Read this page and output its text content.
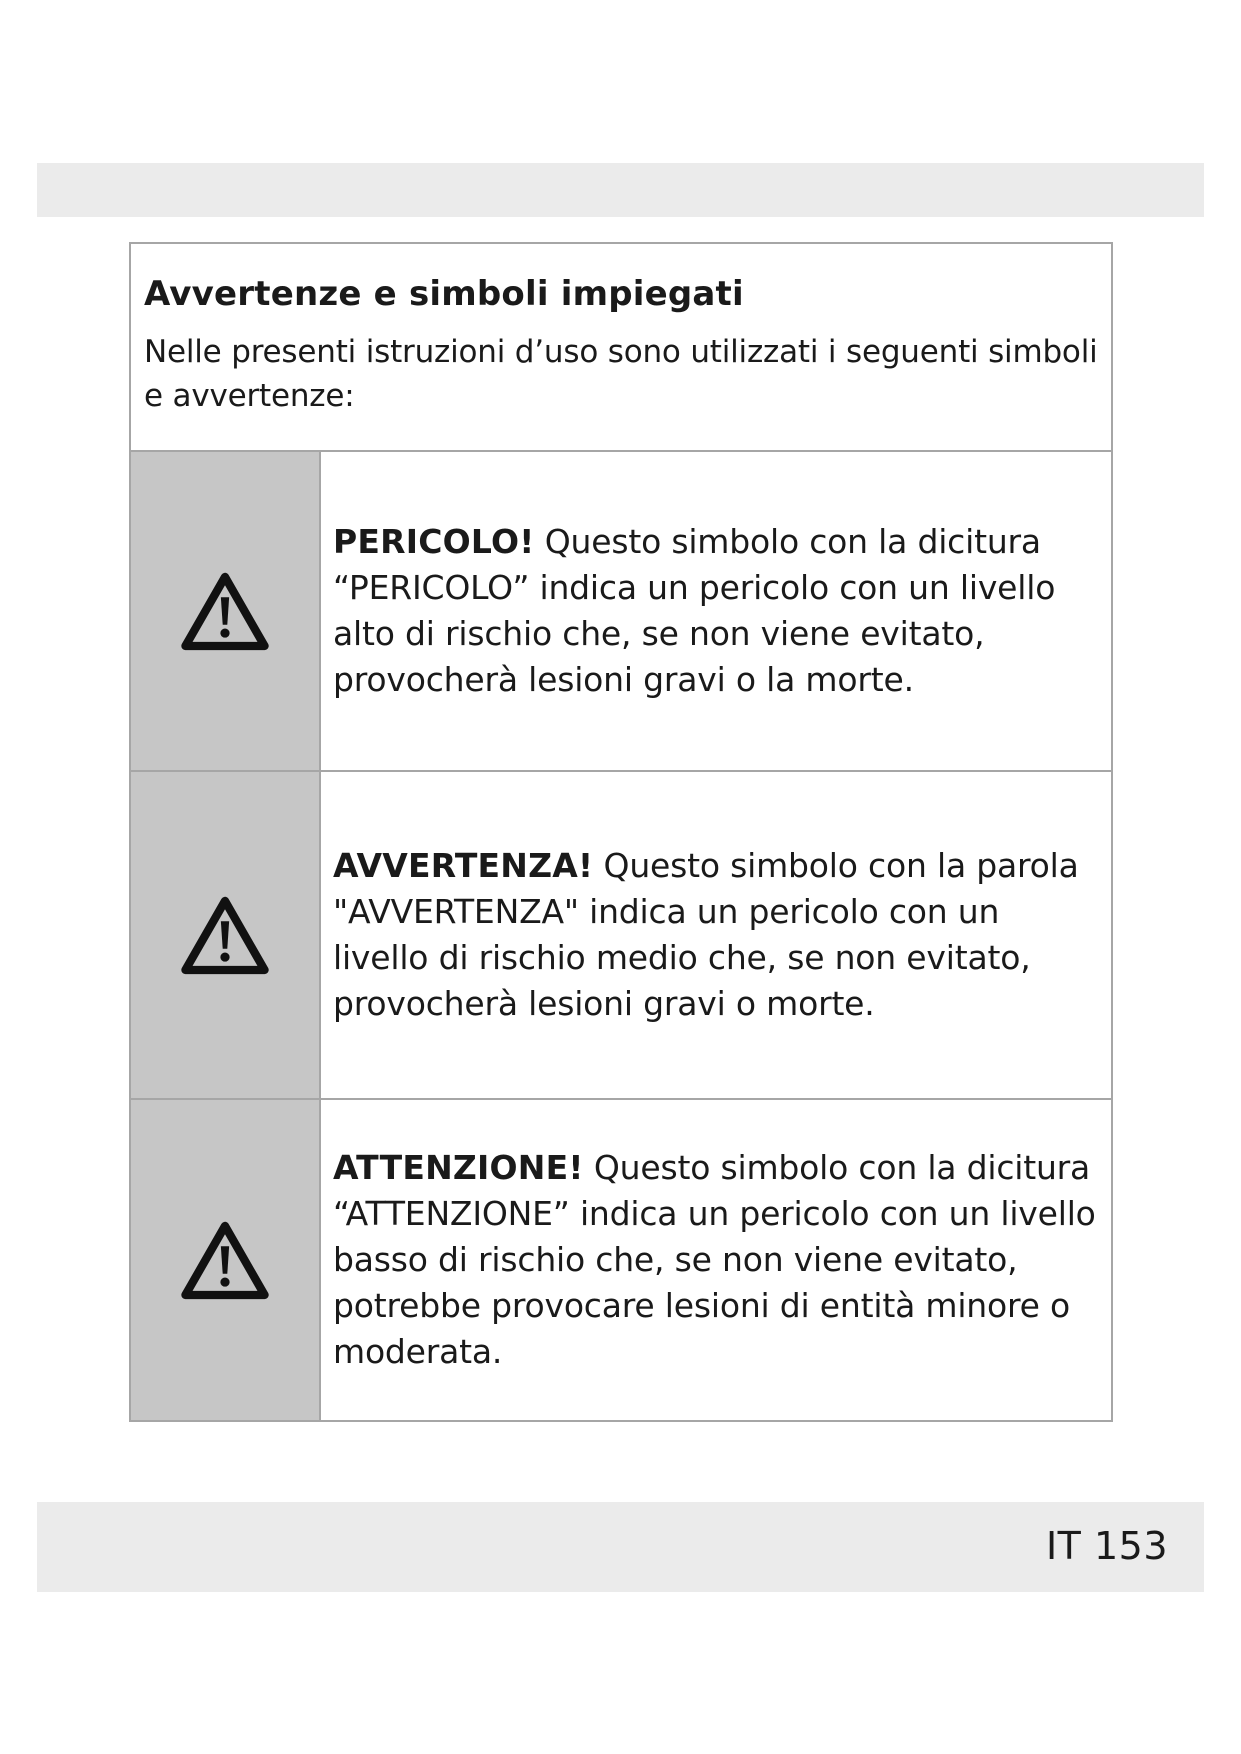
Avvertenze e simboli impiegati

Nelle presenti istruzioni d’uso sono utilizzati i seguenti simboli e avvertenze:

PERICOLO! Questo simbolo con la dicitura “PERICOLO” indica un pericolo con un livello alto di rischio che, se non viene evitato, provocherà lesioni gravi o la morte.

AVVERTENZA! Questo simbolo con la parola "AVVERTENZA" indica un pericolo con un livello di rischio medio che, se non evitato, provocherà lesioni gravi o morte.

ATTENZIONE! Questo simbolo con la dicitura “ATTENZIONE” indica un pericolo con un livello basso di rischio che, se non viene evitato, potrebbe provocare lesioni di entità minore o moderata.

IT 153
